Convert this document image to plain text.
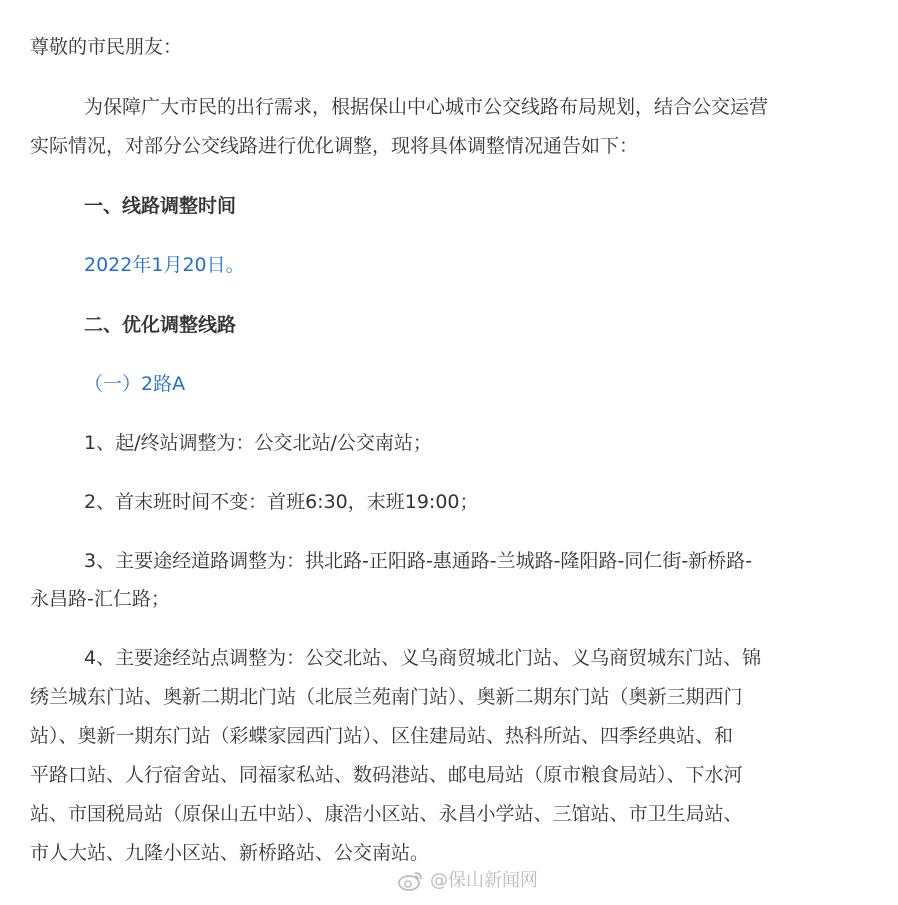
尊敬的市民朋友：

为保障广大市民的出行需求，根据保山中心城市公交线路布局规划，结合公交运营

实际情况，对部分公交线路进行优化调整，现将具体调整情况通告如下：

一、线路调整时间

2022年1月20日。

二、优化调整线路

（一）2路A

1、起/终站调整为：公交北站/公交南站；

2、首末班时间不变：首班6:30，末班19:00；

3、主要途经道路调整为：拱北路-正阳路-惠通路-兰城路-隆阳路-同仁街-新桥路-

永昌路-汇仁路；

4、主要途经站点调整为：公交北站、义乌商贸城北门站、义乌商贸城东门站、锦

绣兰城东门站、奥新二期北门站（北辰兰苑南门站）、奥新二期东门站（奥新三期西门

站）、奥新一期东门站（彩蝶家园西门站）、区住建局站、热科所站、四季经典站、和

平路口站、人行宿舍站、同福家私站、数码港站、邮电局站（原市粮食局站）、下水河

站、市国税局站（原保山五中站）、康浩小区站、永昌小学站、三馆站、市卫生局站、

市人大站、九隆小区站、新桥路站、公交南站。

@保山新闻网
